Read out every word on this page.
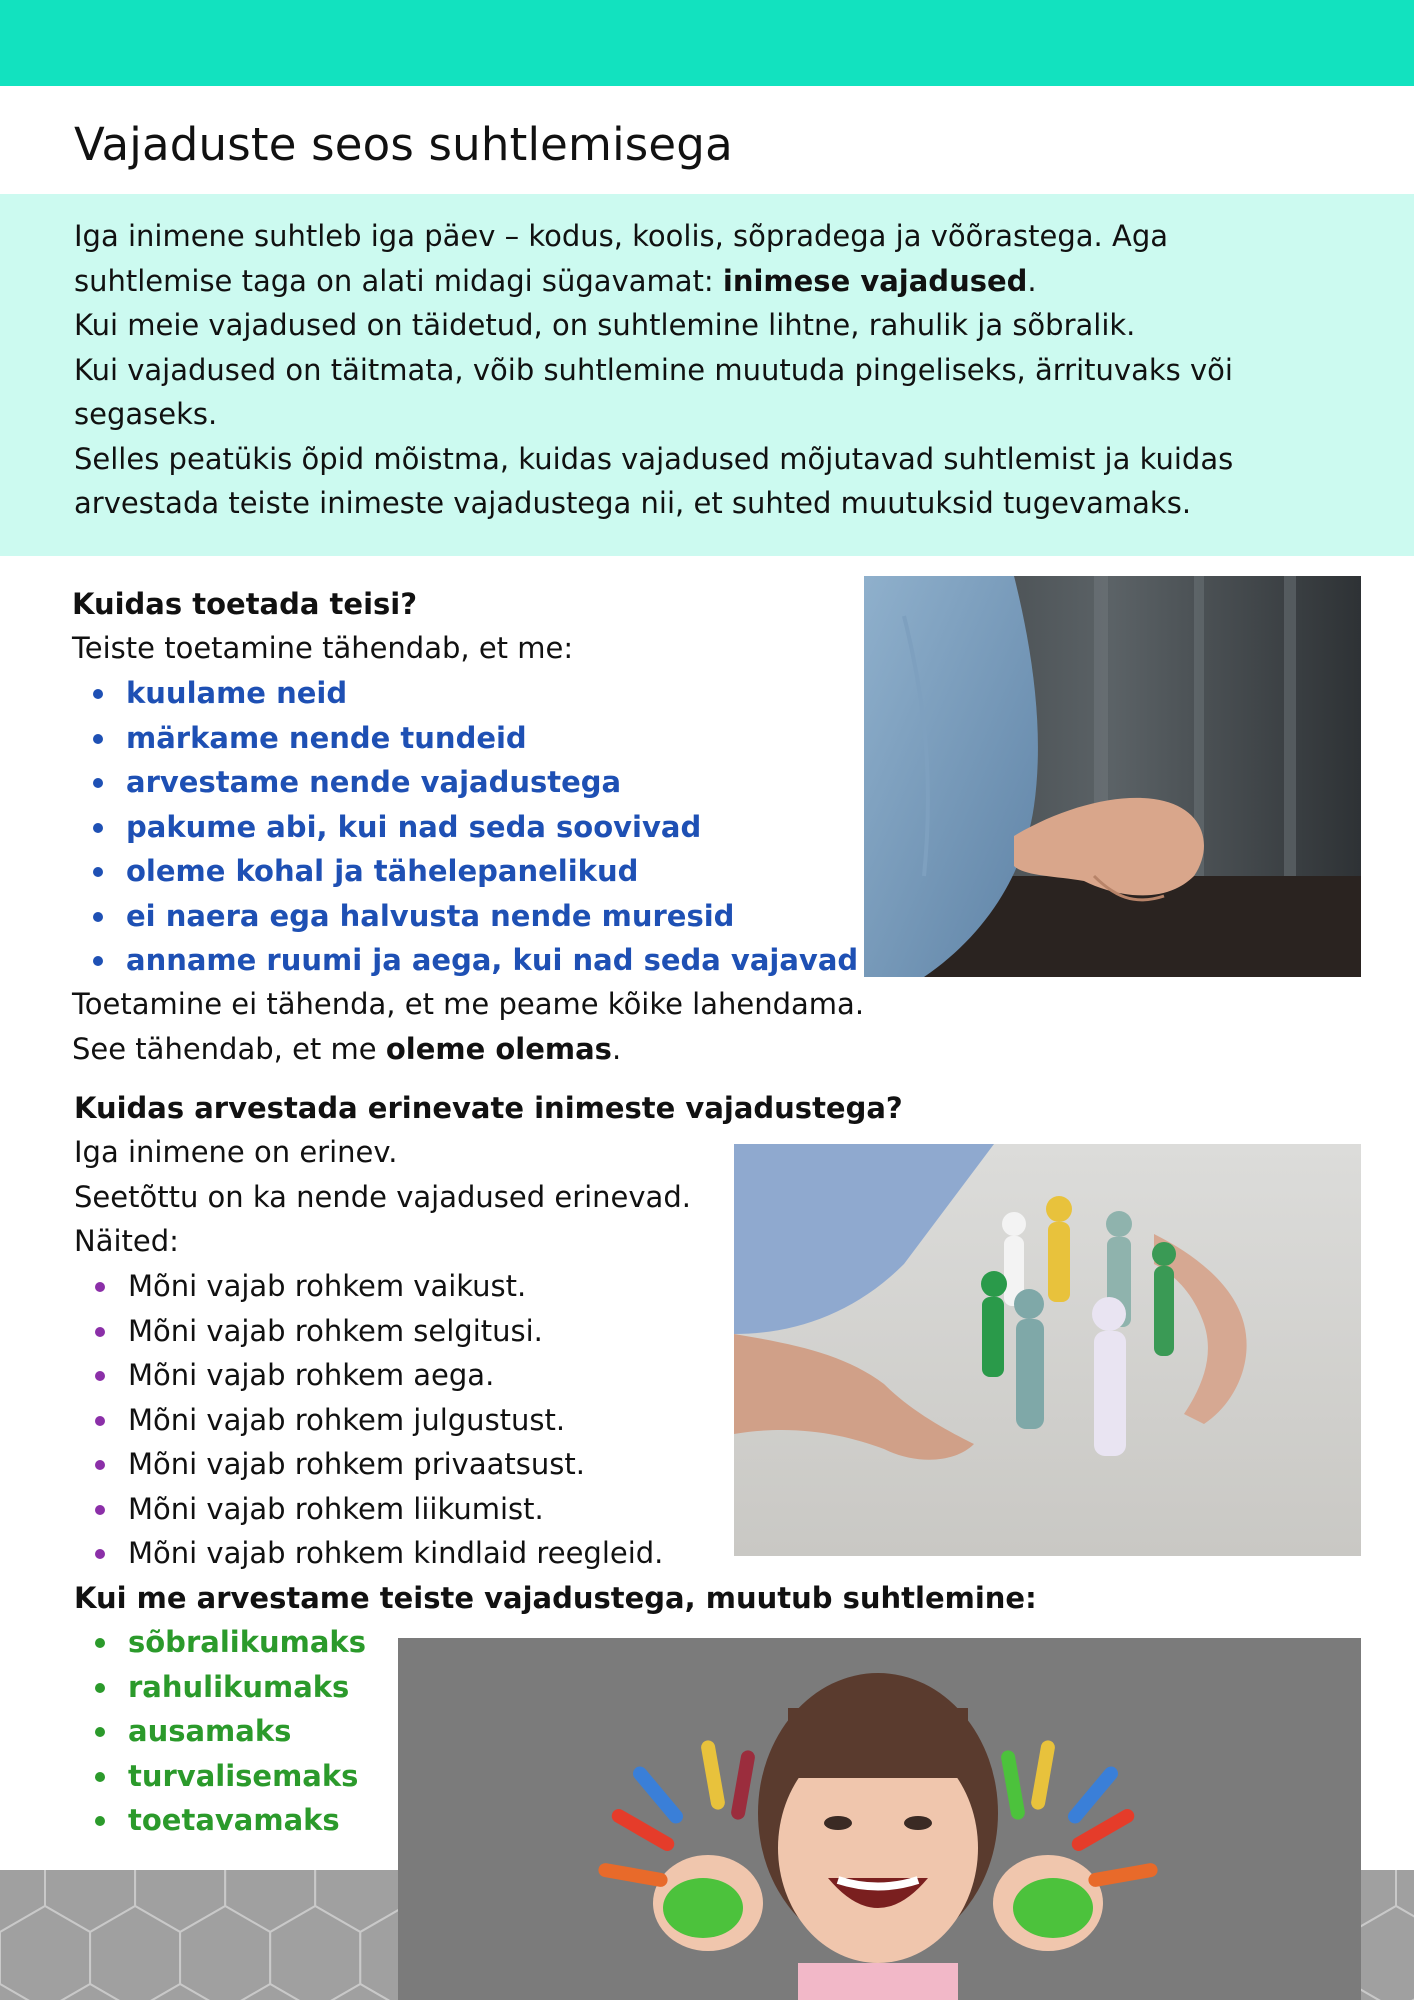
Vajaduste seos suhtlemisega

Iga inimene suhtleb iga päev – kodus, koolis, sõpradega ja võõrastega. Aga
suhtlemise taga on alati midagi sügavamat: inimese vajadused.
Kui meie vajadused on täidetud, on suhtlemine lihtne, rahulik ja sõbralik.
Kui vajadused on täitmata, võib suhtlemine muutuda pingeliseks, ärrituvaks või
segaseks.
Selles peatükis õpid mõistma, kuidas vajadused mõjutavad suhtlemist ja kuidas
arvestada teiste inimeste vajadustega nii, et suhted muutuksid tugevamaks.

Kuidas toetada teisi?
Teiste toetamine tähendab, et me:
kuulame neid
märkame nende tundeid
arvestame nende vajadustega
pakume abi, kui nad seda soovivad
oleme kohal ja tähelepanelikud
ei naera ega halvusta nende muresid
anname ruumi ja aega, kui nad seda vajavad
Toetamine ei tähenda, et me peame kõike lahendama.
See tähendab, et me oleme olemas.
Kuidas arvestada erinevate inimeste vajadustega?
Iga inimene on erinev.
Seetõttu on ka nende vajadused erinevad.
Näited:
Mõni vajab rohkem vaikust.
Mõni vajab rohkem selgitusi.
Mõni vajab rohkem aega.
Mõni vajab rohkem julgustust.
Mõni vajab rohkem privaatsust.
Mõni vajab rohkem liikumist.
Mõni vajab rohkem kindlaid reegleid.
Kui me arvestame teiste vajadustega, muutub suhtlemine:
sõbralikumaks
rahulikumaks
ausamaks
turvalisemaks
toetavamaks
